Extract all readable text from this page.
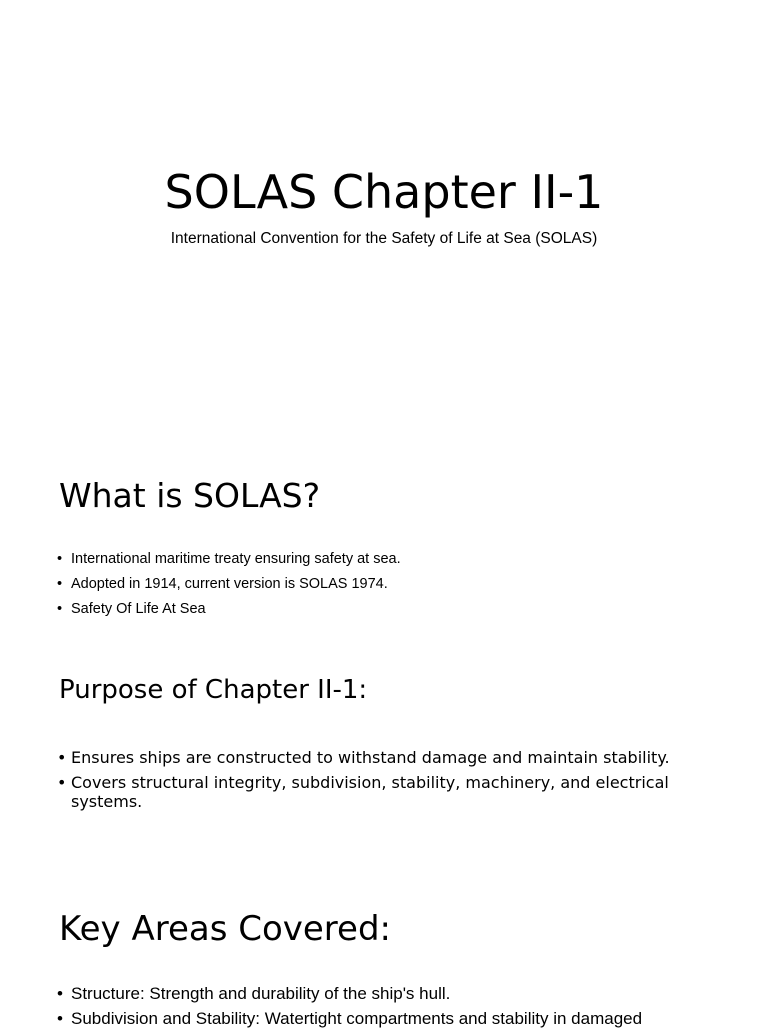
SOLAS Chapter II-1
International Convention for the Safety of Life at Sea (SOLAS)
What is SOLAS?
• International maritime treaty ensuring safety at sea.
• Adopted in 1914, current version is SOLAS 1974.
• Safety Of Life At Sea
Purpose of Chapter II-1:
• Ensures ships are constructed to withstand damage and maintain stability.
• Covers structural integrity, subdivision, stability, machinery, and electrical systems.
Key Areas Covered:
• Structure: Strength and durability of the ship's hull.
• Subdivision and Stability: Watertight compartments and stability in damaged
